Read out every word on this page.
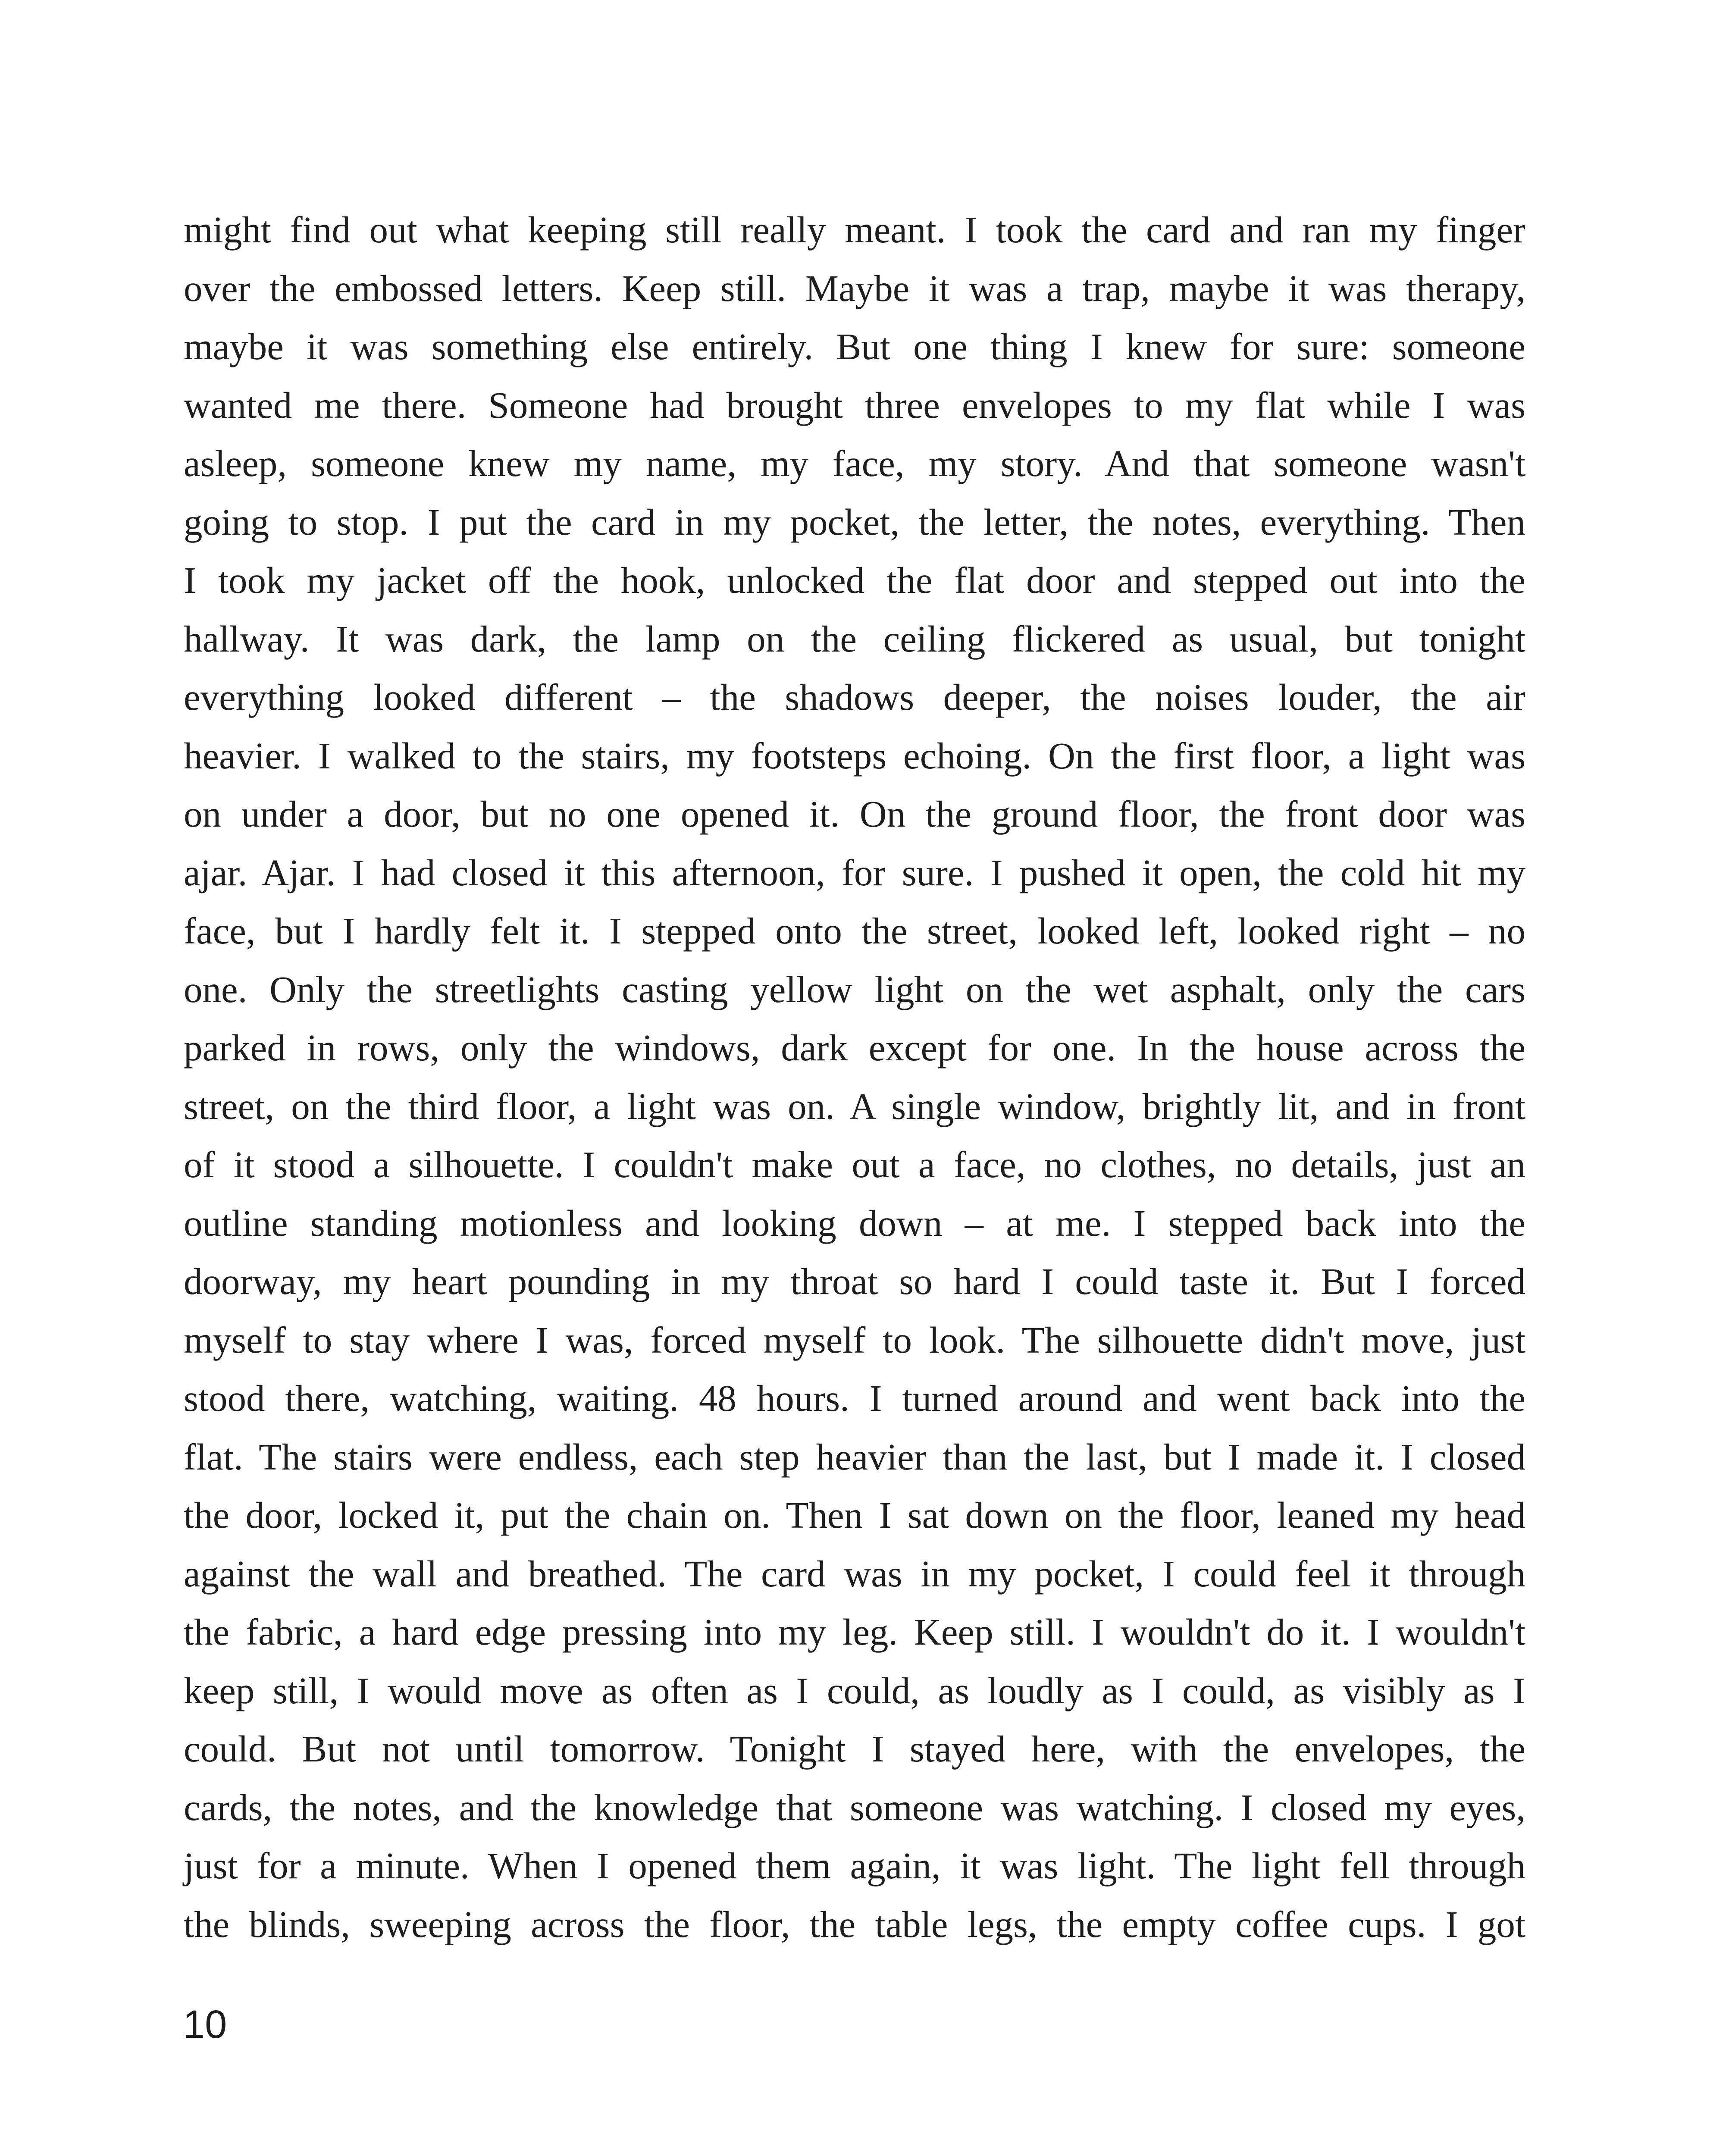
might find out what keeping still really meant. I took the card and ran my finger
over the embossed letters. Keep still. Maybe it was a trap, maybe it was therapy,
maybe it was something else entirely. But one thing I knew for sure: someone
wanted me there. Someone had brought three envelopes to my flat while I was
asleep, someone knew my name, my face, my story. And that someone wasn't
going to stop. I put the card in my pocket, the letter, the notes, everything. Then
I took my jacket off the hook, unlocked the flat door and stepped out into the
hallway. It was dark, the lamp on the ceiling flickered as usual, but tonight
everything looked different – the shadows deeper, the noises louder, the air
heavier. I walked to the stairs, my footsteps echoing. On the first floor, a light was
on under a door, but no one opened it. On the ground floor, the front door was
ajar. Ajar. I had closed it this afternoon, for sure. I pushed it open, the cold hit my
face, but I hardly felt it. I stepped onto the street, looked left, looked right – no
one. Only the streetlights casting yellow light on the wet asphalt, only the cars
parked in rows, only the windows, dark except for one. In the house across the
street, on the third floor, a light was on. A single window, brightly lit, and in front
of it stood a silhouette. I couldn't make out a face, no clothes, no details, just an
outline standing motionless and looking down – at me. I stepped back into the
doorway, my heart pounding in my throat so hard I could taste it. But I forced
myself to stay where I was, forced myself to look. The silhouette didn't move, just
stood there, watching, waiting. 48 hours. I turned around and went back into the
flat. The stairs were endless, each step heavier than the last, but I made it. I closed
the door, locked it, put the chain on. Then I sat down on the floor, leaned my head
against the wall and breathed. The card was in my pocket, I could feel it through
the fabric, a hard edge pressing into my leg. Keep still. I wouldn't do it. I wouldn't
keep still, I would move as often as I could, as loudly as I could, as visibly as I
could. But not until tomorrow. Tonight I stayed here, with the envelopes, the
cards, the notes, and the knowledge that someone was watching. I closed my eyes,
just for a minute. When I opened them again, it was light. The light fell through
the blinds, sweeping across the floor, the table legs, the empty coffee cups. I got
10
